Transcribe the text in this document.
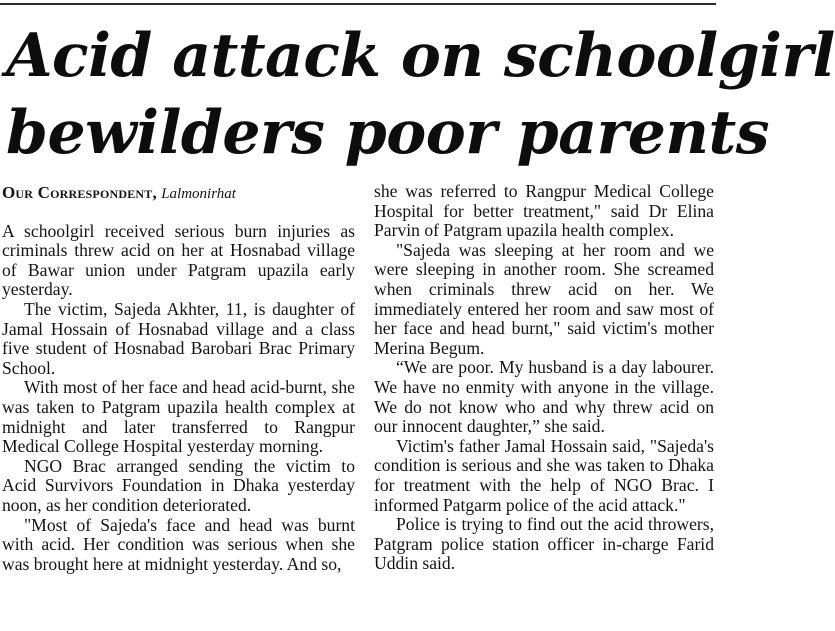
Acid attack on schoolgirl
bewilders poor parents
Our Correspondent, Lalmonirhat

A schoolgirl received serious burn injuries as criminals threw acid on her at Hosnabad village of Bawar union under Patgram upazila early yesterday.

The victim, Sajeda Akhter, 11, is daughter of Jamal Hossain of Hosnabad village and a class five student of Hosnabad Barobari Brac Primary School.

With most of her face and head acid-burnt, she was taken to Patgram upazila health complex at midnight and later transferred to Rangpur Medical College Hospital yesterday morning.

NGO Brac arranged sending the victim to Acid Survivors Foundation in Dhaka yesterday noon, as her condition deteriorated.

"Most of Sajeda's face and head was burnt with acid. Her condition was serious when she was brought here at midnight yesterday. And so,

she was referred to Rangpur Medical College Hospital for better treatment," said Dr Elina Parvin of Patgram upazila health complex.

"Sajeda was sleeping at her room and we were sleeping in another room. She screamed when criminals threw acid on her. We immediately entered her room and saw most of her face and head burnt," said victim's mother Merina Begum.

“We are poor. My husband is a day labourer. We have no enmity with anyone in the village. We do not know who and why threw acid on our innocent daughter,” she said.

Victim's father Jamal Hossain said, "Sajeda's condition is serious and she was taken to Dhaka for treatment with the help of NGO Brac. I informed Patgarm police of the acid attack."

Police is trying to find out the acid throwers, Patgram police station officer in-charge Farid Uddin said.
